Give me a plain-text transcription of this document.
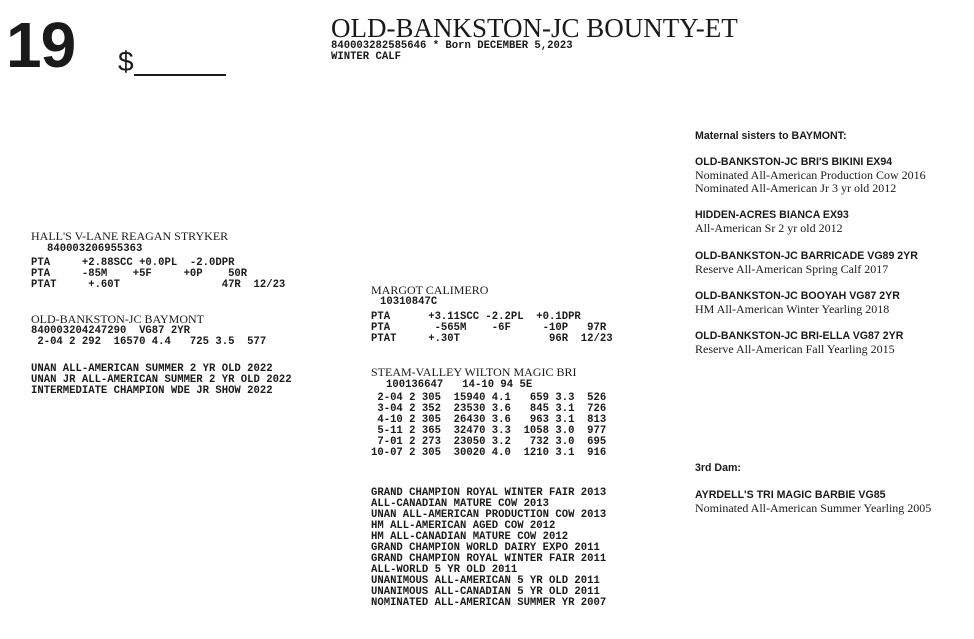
19 $
OLD-BANKSTON-JC BOUNTY-ET
840003282585646 * Born DECEMBER 5,2023
WINTER CALF
HALL'S V-LANE REAGAN STRYKER
840003206955363
PTA     +2.88SCC +0.0PL  -2.0DPR
PTA     -85M    +5F     +0P    50R
PTAT     +.60T                47R  12/23
OLD-BANKSTON-JC BAYMONT
840003204247290  VG87 2YR
2-04 2 292  16570 4.4   725 3.5  577
UNAN ALL-AMERICAN SUMMER 2 YR OLD 2022
UNAN JR ALL-AMERICAN SUMMER 2 YR OLD 2022
INTERMEDIATE CHAMPION WDE JR SHOW 2022
MARGOT CALIMERO
10310847C
PTA      +3.11SCC -2.2PL  +0.1DPR
PTA       -565M    -6F     -10P   97R
PTAT     +.30T              96R  12/23
STEAM-VALLEY WILTON MAGIC BRI
100136647   14-10 94 5E
2-04 2 305  15940 4.1   659 3.3  526
3-04 2 352  23530 3.6   845 3.1  726
4-10 2 305  26430 3.6   963 3.1  813
5-11 2 365  32470 3.3  1058 3.0  977
7-01 2 273  23050 3.2   732 3.0  695
10-07 2 305  30020 4.0  1210 3.1  916
GRAND CHAMPION ROYAL WINTER FAIR 2013
ALL-CANADIAN MATURE COW 2013
UNAN ALL-AMERICAN PRODUCTION COW 2013
HM ALL-AMERICAN AGED COW 2012
HM ALL-CANADIAN MATURE COW 2012
GRAND CHAMPION WORLD DAIRY EXPO 2011
GRAND CHAMPION ROYAL WINTER FAIR 2011
ALL-WORLD 5 YR OLD 2011
UNANIMOUS ALL-AMERICAN 5 YR OLD 2011
UNANIMOUS ALL-CANADIAN 5 YR OLD 2011
NOMINATED ALL-AMERICAN SUMMER YR 2007
Maternal sisters to BAYMONT:
OLD-BANKSTON-JC BRI'S BIKINI EX94
Nominated All-American Production Cow 2016
Nominated All-American Jr 3 yr old 2012
HIDDEN-ACRES BIANCA EX93
All-American Sr 2 yr old 2012
OLD-BANKSTON-JC BARRICADE VG89 2YR
Reserve All-American Spring Calf 2017
OLD-BANKSTON-JC BOOYAH VG87 2YR
HM All-American Winter Yearling 2018
OLD-BANKSTON-JC BRI-ELLA VG87 2YR
Reserve All-American Fall Yearling 2015
3rd Dam:
AYRDELL'S TRI MAGIC BARBIE VG85
Nominated All-American Summer Yearling 2005
